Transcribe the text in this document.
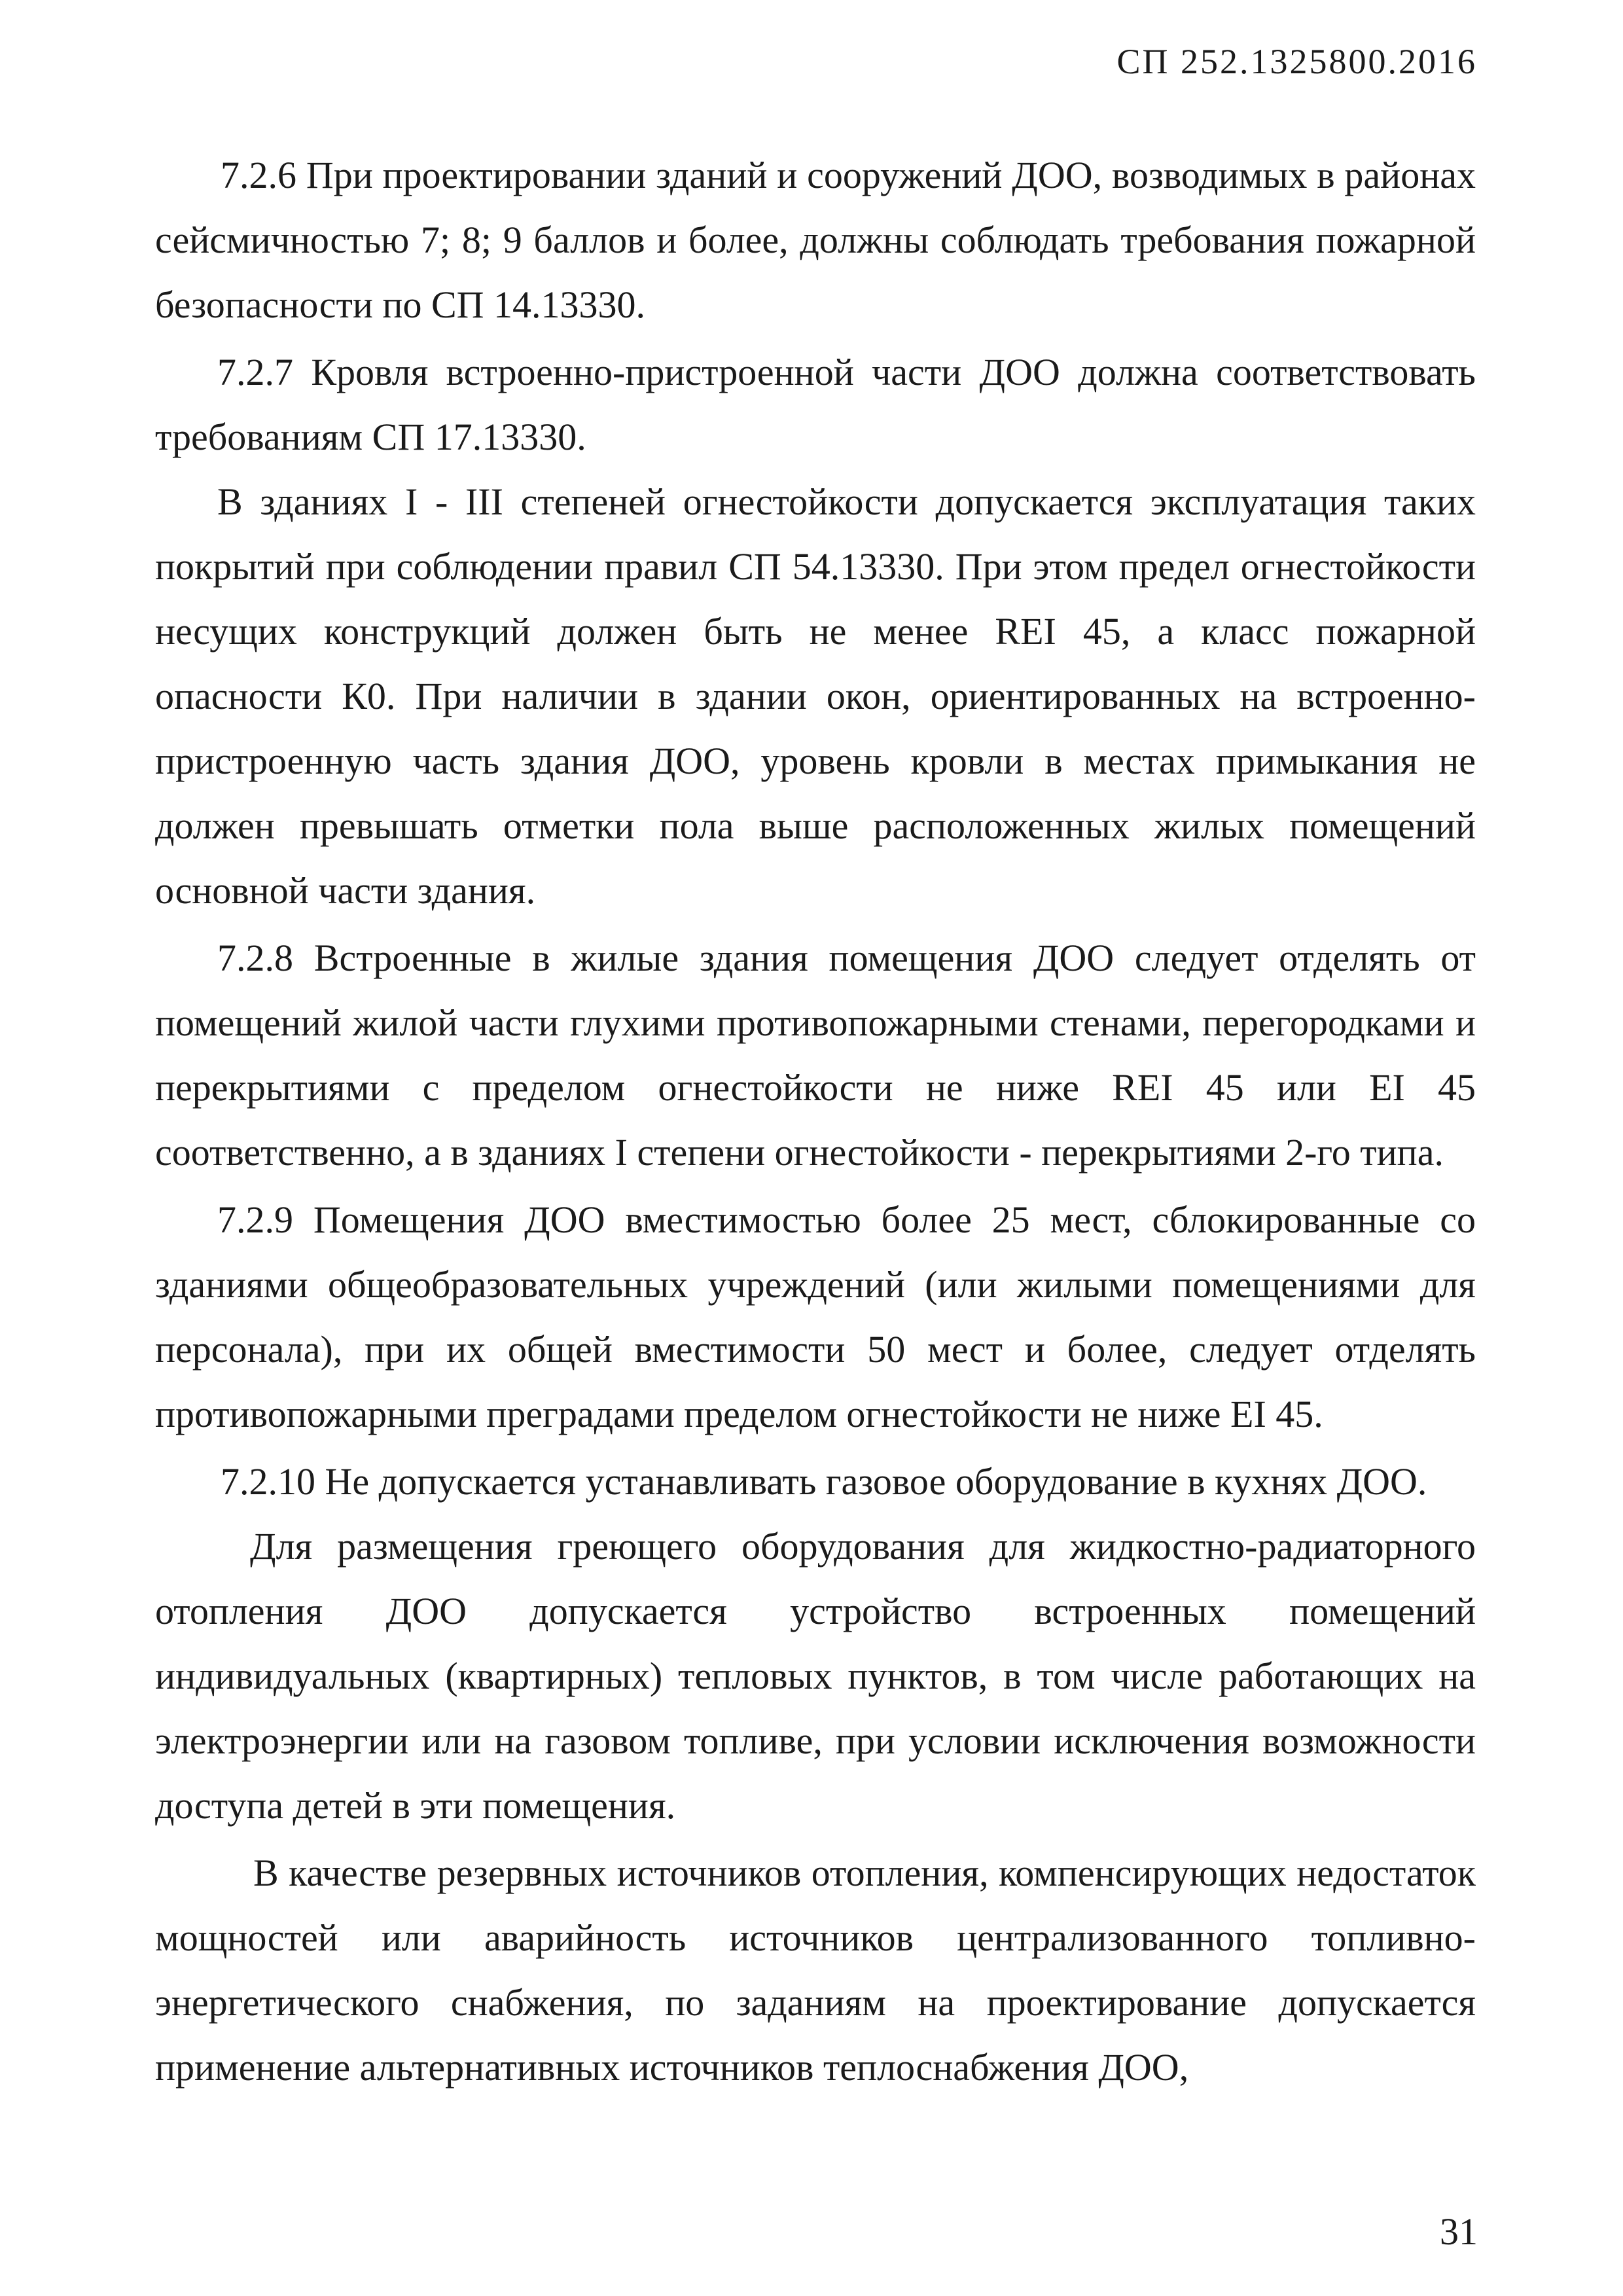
СП 252.1325800.2016

7.2.6 При проектировании зданий и сооружений ДОО, возводимых в районах сейсмичностью 7; 8; 9 баллов и более, должны соблюдать требования пожарной безопасности по СП 14.13330.

7.2.7 Кровля встроенно-пристроенной части ДОО должна соответствовать требованиям СП 17.13330.

В зданиях I - III степеней огнестойкости допускается эксплуатация таких покрытий при соблюдении правил СП 54.13330. При этом предел огнестойкости несущих конструкций должен быть не менее REI 45, а класс пожарной опасности К0. При наличии в здании окон, ориентированных на встроенно-пристроенную часть здания ДОО, уровень кровли в местах примыкания не должен превышать отметки пола выше расположенных жилых помещений основной части здания.

7.2.8 Встроенные в жилые здания помещения ДОО следует отделять от помещений жилой части глухими противопожарными стенами, перегородками и перекрытиями с пределом огнестойкости не ниже REI 45 или EI 45 соответственно, а в зданиях I степени огнестойкости - перекрытиями 2-го типа.

7.2.9 Помещения ДОО вместимостью более 25 мест, сблокированные со зданиями общеобразовательных учреждений (или жилыми помещениями для персонала), при их общей вместимости 50 мест и более, следует отделять противопожарными преградами пределом огнестойкости не ниже EI 45.

7.2.10 Не допускается устанавливать газовое оборудование в кухнях ДОО.

Для размещения греющего оборудования для жидкостно-радиаторного отопления ДОО допускается устройство встроенных помещений индивидуальных (квартирных) тепловых пунктов, в том числе работающих на электроэнергии или на газовом топливе, при условии исключения возможности доступа детей в эти помещения.

В качестве резервных источников отопления, компенсирующих недостаток мощностей или аварийность источников централизованного топливно-энергетического снабжения, по заданиям на проектирование допускается применение альтернативных источников теплоснабжения ДОО,

31
